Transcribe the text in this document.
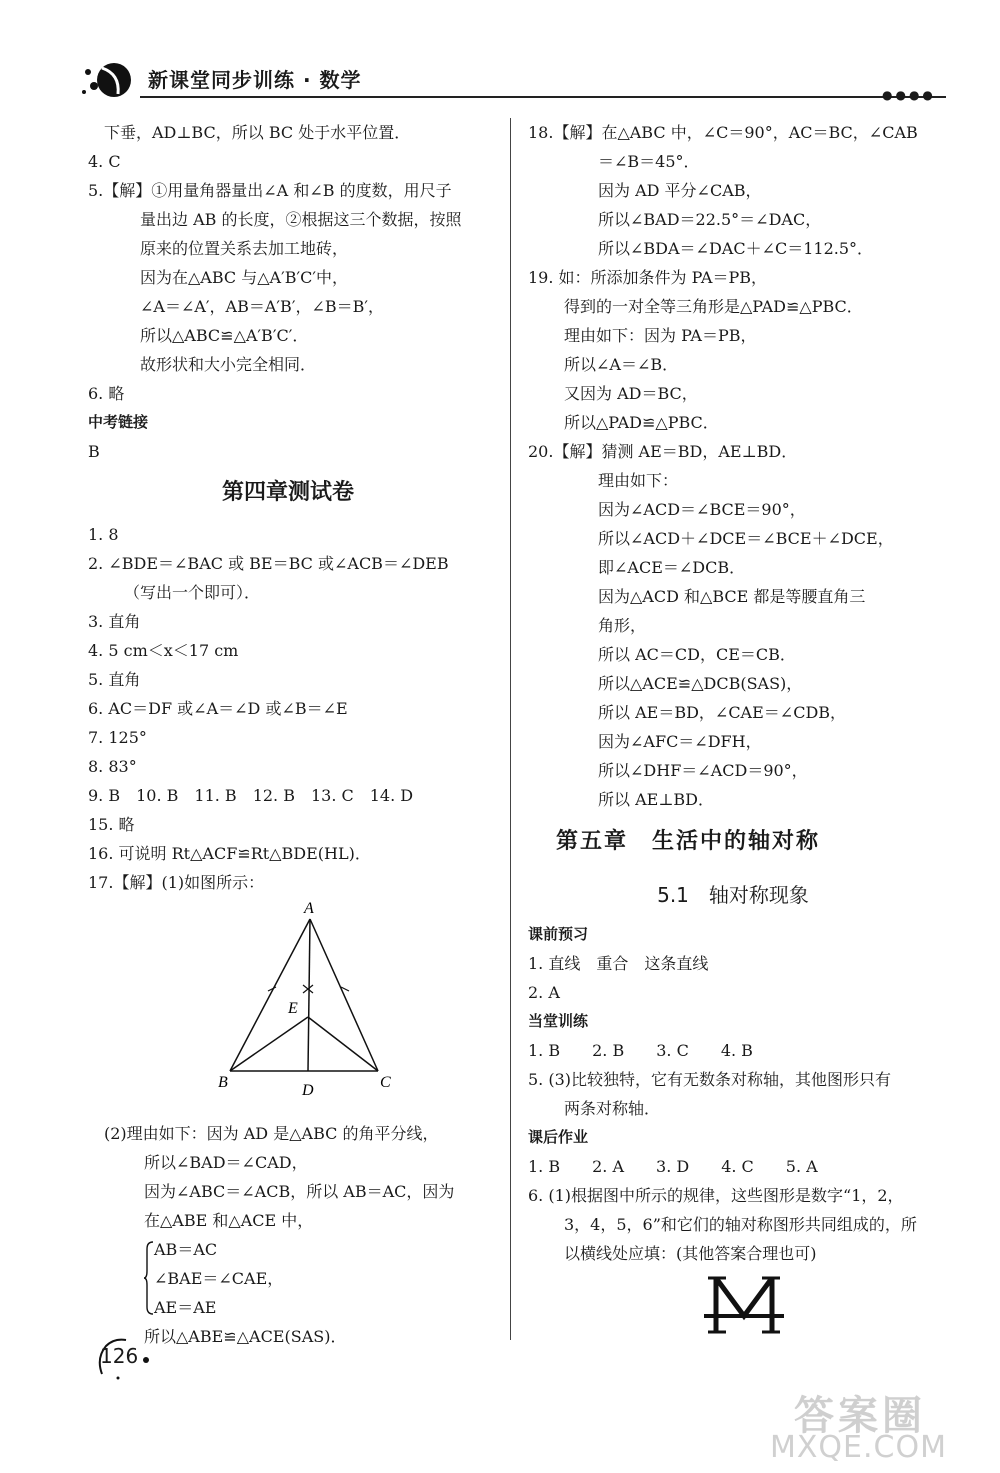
新课堂同步训练 · 数学
●●●●
下垂，AD⊥BC，所以 BC 处于水平位置．
4. C
5.【解】①用量角器量出∠A 和∠B 的度数，用尺子
量出边 AB 的长度，②根据这三个数据，按照
原来的位置关系去加工地砖，
因为在△ABC 与△A′B′C′中，
∠A＝∠A′，AB＝A′B′，∠B＝B′，
所以△ABC≌△A′B′C′．
故形状和大小完全相同．
6. 略
中考链接
B
第四章测试卷
1. 8
2. ∠BDE＝∠BAC 或 BE＝BC 或∠ACB＝∠DEB
（写出一个即可）．
3. 直角
4. 5 cm＜x＜17 cm
5. 直角
6. AC＝DF 或∠A＝∠D 或∠B＝∠E
7. 125°
8. 83°
9. B　10. B　11. B　12. B　13. C　14. D
15. 略
16. 可说明 Rt△ACF≌Rt△BDE(HL)．
17.【解】(1)如图所示：
A
B	C
D
E
(2)理由如下：因为 AD 是△ABC 的角平分线，
所以∠BAD＝∠CAD，
因为∠ABC＝∠ACB，所以 AB＝AC，因为
在△ABE 和△ACE 中，
AB＝AC
∠BAE＝∠CAE，
AE＝AE
所以△ABE≌△ACE(SAS)．
18.【解】在△ABC 中，∠C＝90°，AC＝BC，∠CAB
＝∠B＝45°．
因为 AD 平分∠CAB，
所以∠BAD＝22.5°＝∠DAC，
所以∠BDA＝∠DAC＋∠C＝112.5°．
19. 如：所添加条件为 PA＝PB，
得到的一对全等三角形是△PAD≌△PBC．
理由如下：因为 PA＝PB，
所以∠A＝∠B．
又因为 AD＝BC，
所以△PAD≌△PBC．
20.【解】猜测 AE＝BD，AE⊥BD．
理由如下：
因为∠ACD＝∠BCE＝90°，
所以∠ACD＋∠DCE＝∠BCE＋∠DCE，
即∠ACE＝∠DCB．
因为△ACD 和△BCE 都是等腰直角三
角形，
所以 AC＝CD，CE＝CB．
所以△ACE≌△DCB(SAS)，
所以 AE＝BD，∠CAE＝∠CDB，
因为∠AFC＝∠DFH，
所以∠DHF＝∠ACD＝90°，
所以 AE⊥BD．
第五章　生活中的轴对称
5.1　轴对称现象
课前预习
1. 直线　重合　这条直线
2. A
当堂训练
1. B　　2. B　　3. C　　4. B
5. (3)比较独特，它有无数条对称轴，其他图形只有
两条对称轴．
课后作业
1. B　　2. A　　3. D　　4. C　　5. A
6. (1)根据图中所示的规律，这些图形是数字“1，2，
3，4，5，6”和它们的轴对称图形共同组成的，所
以横线处应填：(其他答案合理也可)
126
答案圈
MXQE.COM
